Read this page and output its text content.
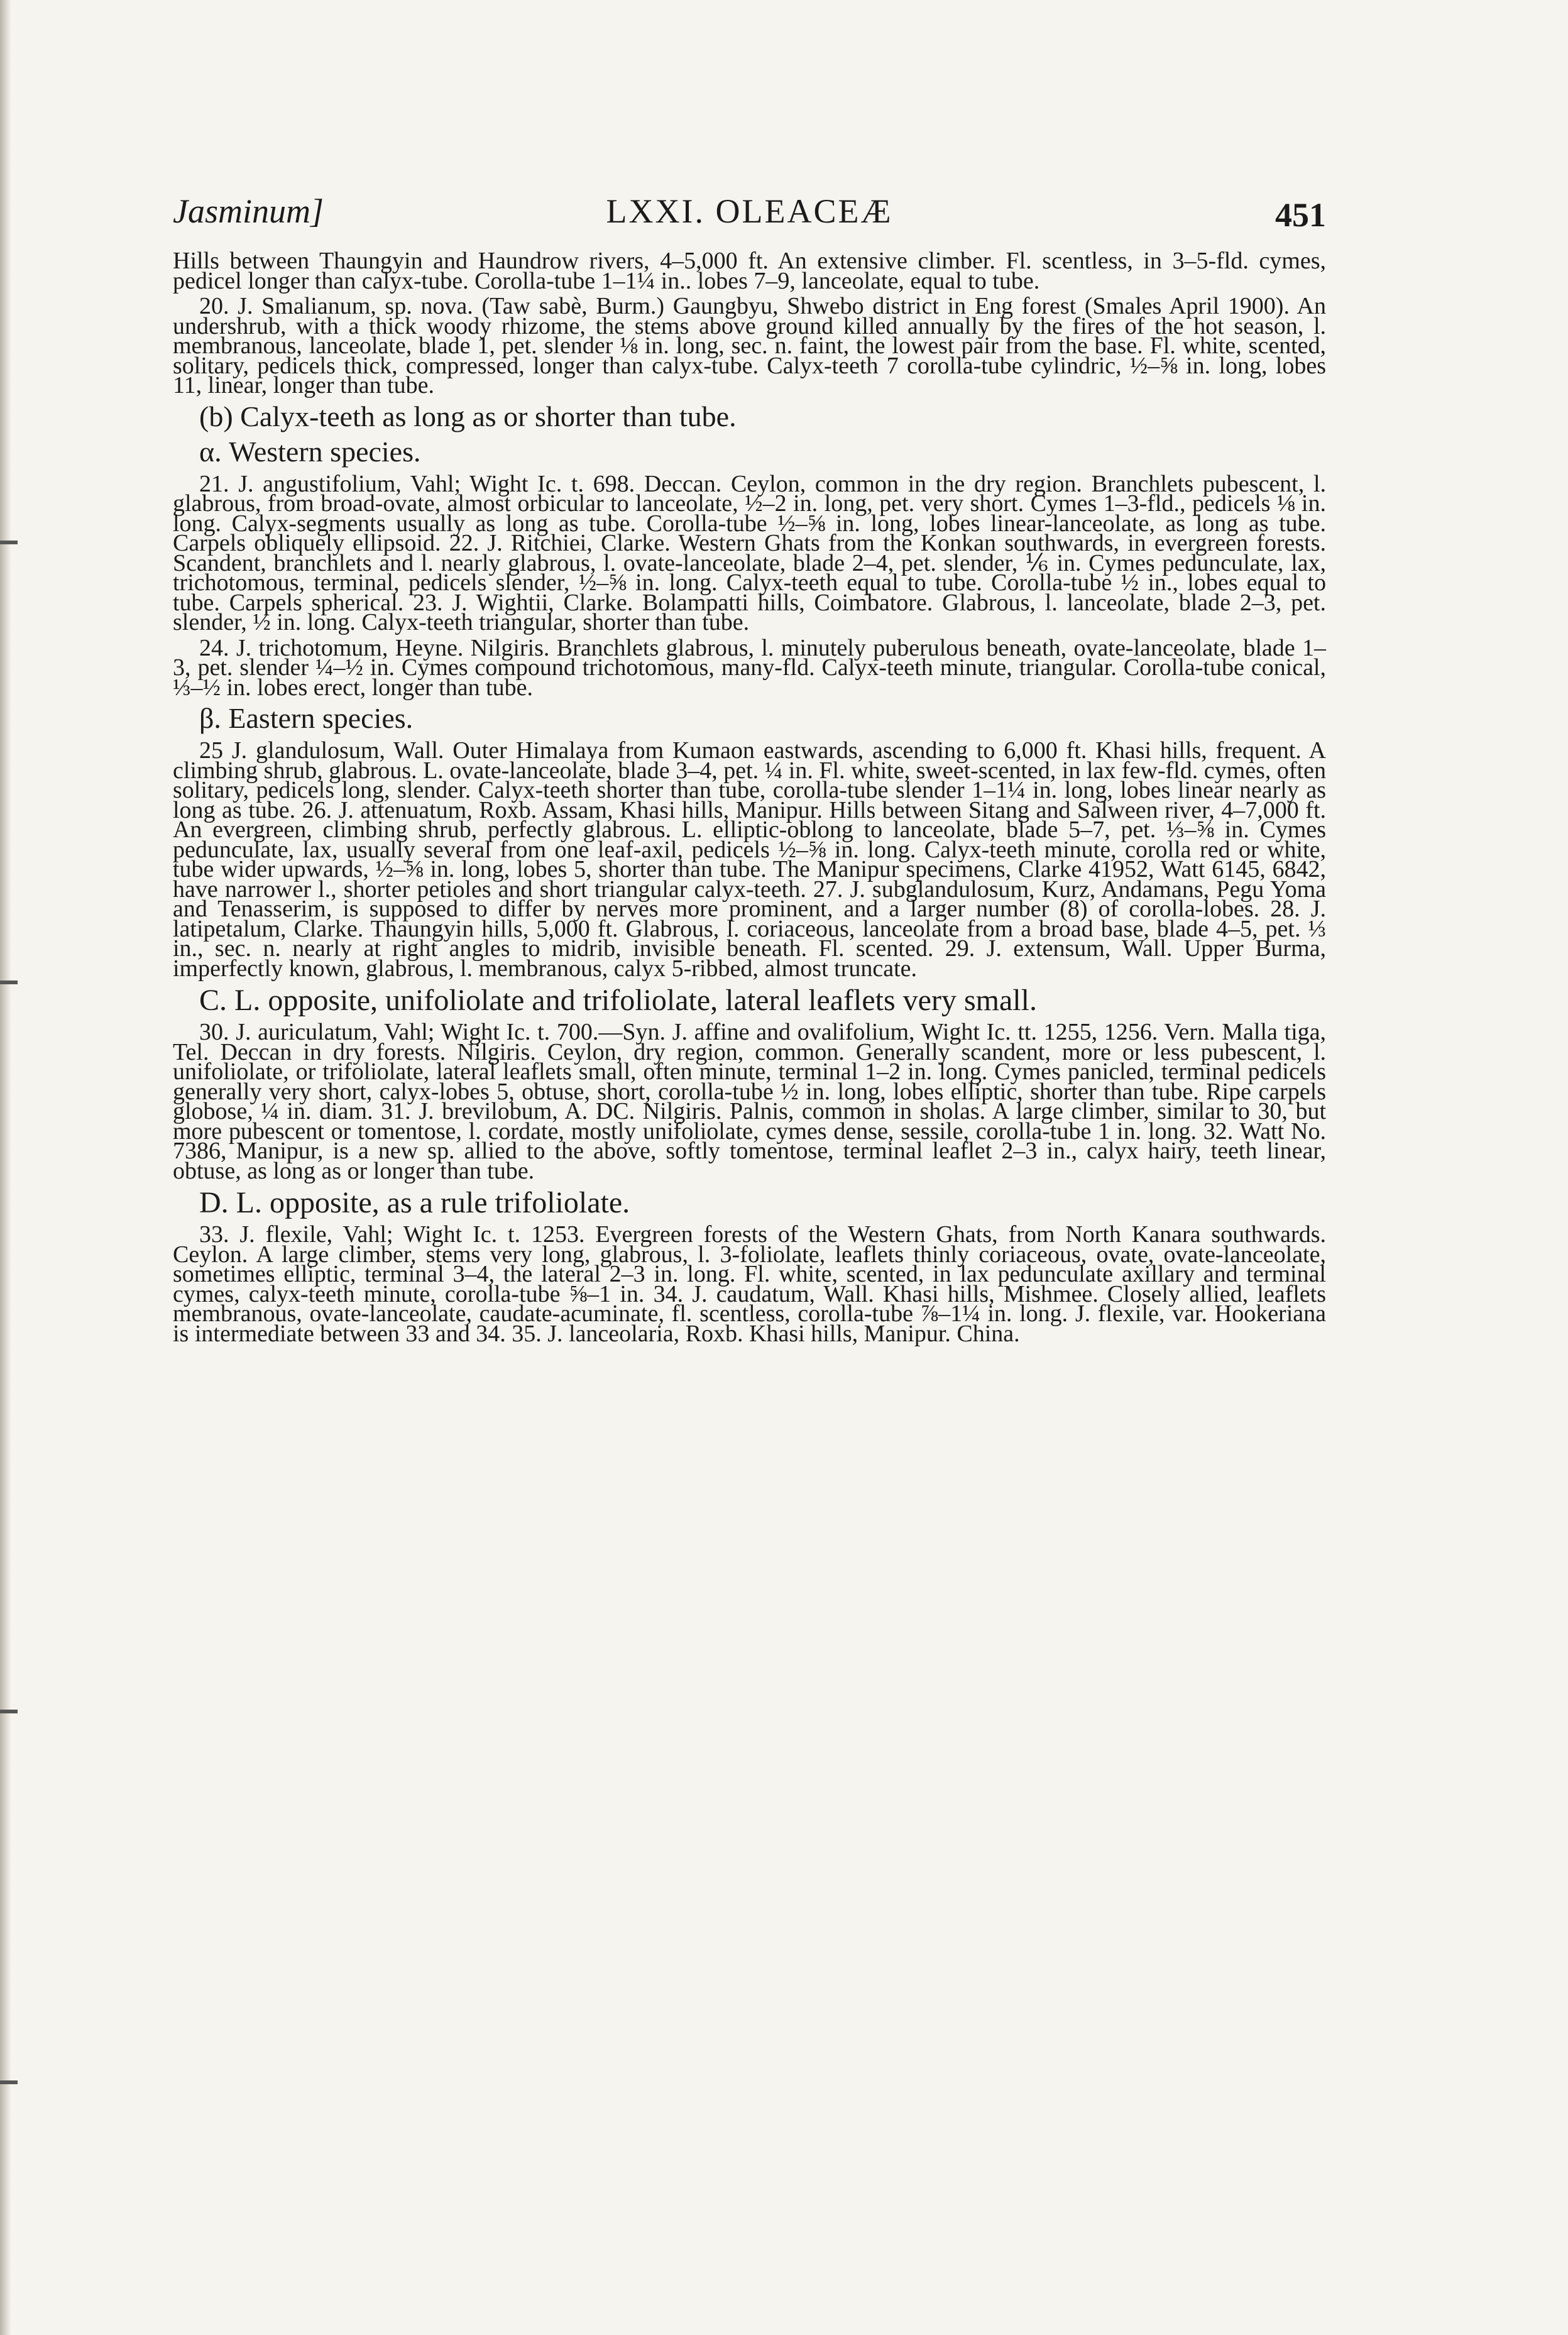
Jasminum]	LXXI. OLEACEÆ	451

Hills between Thaungyin and Haundrow rivers, 4–5,000 ft. An extensive climber. Fl. scentless, in 3–5-fld. cymes, pedicel longer than calyx-tube. Corolla-tube 1–1¼ in.. lobes 7–9, lanceolate, equal to tube.

20. J. Smalianum, sp. nova. (Taw sabè, Burm.) Gaungbyu, Shwebo district in Eng forest (Smales April 1900). An undershrub, with a thick woody rhizome, the stems above ground killed annually by the fires of the hot season, l. membranous, lanceolate, blade 1, pet. slender ⅛ in. long, sec. n. faint, the lowest pair from the base. Fl. white, scented, solitary, pedicels thick, compressed, longer than calyx-tube. Calyx-teeth 7 corolla-tube cylindric, ½–⅝ in. long, lobes 11, linear, longer than tube.

(b) Calyx-teeth as long as or shorter than tube.

α. Western species.

21. J. angustifolium, Vahl; Wight Ic. t. 698. Deccan. Ceylon, common in the dry region. Branchlets pubescent, l. glabrous, from broad-ovate, almost orbicular to lanceolate, ½–2 in. long, pet. very short. Cymes 1–3-fld., pedicels ⅛ in. long. Calyx-segments usually as long as tube. Corolla-tube ½–⅝ in. long, lobes linear-lanceolate, as long as tube. Carpels obliquely ellipsoid. 22. J. Ritchiei, Clarke. Western Ghats from the Konkan southwards, in evergreen forests. Scandent, branchlets and l. nearly glabrous, l. ovate-lanceolate, blade 2–4, pet. slender, ⅙ in. Cymes pedunculate, lax, trichotomous, terminal, pedicels slender, ½–⅝ in. long. Calyx-teeth equal to tube. Corolla-tube ½ in., lobes equal to tube. Carpels spherical. 23. J. Wightii, Clarke. Bolampatti hills, Coimbatore. Glabrous, l. lanceolate, blade 2–3, pet. slender, ½ in. long. Calyx-teeth triangular, shorter than tube.

24. J. trichotomum, Heyne. Nilgiris. Branchlets glabrous, l. minutely puberulous beneath, ovate-lanceolate, blade 1–3, pet. slender ¼–½ in. Cymes compound trichotomous, many-fld. Calyx-teeth minute, triangular. Corolla-tube conical, ⅓–½ in. lobes erect, longer than tube.

β. Eastern species.

25 J. glandulosum, Wall. Outer Himalaya from Kumaon eastwards, ascending to 6,000 ft. Khasi hills, frequent. A climbing shrub, glabrous. L. ovate-lanceolate, blade 3–4, pet. ¼ in. Fl. white, sweet-scented, in lax few-fld. cymes, often solitary, pedicels long, slender. Calyx-teeth shorter than tube, corolla-tube slender 1–1¼ in. long, lobes linear nearly as long as tube. 26. J. attenuatum, Roxb. Assam, Khasi hills, Manipur. Hills between Sitang and Salween river, 4–7,000 ft. An evergreen, climbing shrub, perfectly glabrous. L. elliptic-oblong to lanceolate, blade 5–7, pet. ⅓–⅝ in. Cymes pedunculate, lax, usually several from one leaf-axil, pedicels ½–⅝ in. long. Calyx-teeth minute, corolla red or white, tube wider upwards, ½–⅝ in. long, lobes 5, shorter than tube. The Manipur specimens, Clarke 41952, Watt 6145, 6842, have narrower l., shorter petioles and short triangular calyx-teeth. 27. J. subglandulosum, Kurz, Andamans, Pegu Yoma and Tenasserim, is supposed to differ by nerves more prominent, and a larger number (8) of corolla-lobes. 28. J. latipetalum, Clarke. Thaungyin hills, 5,000 ft. Glabrous, l. coriaceous, lanceolate from a broad base, blade 4–5, pet. ⅓ in., sec. n. nearly at right angles to midrib, invisible beneath. Fl. scented. 29. J. extensum, Wall. Upper Burma, imperfectly known, glabrous, l. membranous, calyx 5-ribbed, almost truncate.

C. L. opposite, unifoliolate and trifoliolate, lateral leaflets very small.

30. J. auriculatum, Vahl; Wight Ic. t. 700.—Syn. J. affine and ovalifolium, Wight Ic. tt. 1255, 1256. Vern. Malla tiga, Tel. Deccan in dry forests. Nilgiris. Ceylon, dry region, common. Generally scandent, more or less pubescent, l. unifoliolate, or trifoliolate, lateral leaflets small, often minute, terminal 1–2 in. long. Cymes panicled, terminal pedicels generally very short, calyx-lobes 5, obtuse, short, corolla-tube ½ in. long, lobes elliptic, shorter than tube. Ripe carpels globose, ¼ in. diam. 31. J. brevilobum, A. DC. Nilgiris. Palnis, common in sholas. A large climber, similar to 30, but more pubescent or tomentose, l. cordate, mostly unifoliolate, cymes dense, sessile, corolla-tube 1 in. long. 32. Watt No. 7386, Manipur, is a new sp. allied to the above, softly tomentose, terminal leaflet 2–3 in., calyx hairy, teeth linear, obtuse, as long as or longer than tube.

D. L. opposite, as a rule trifoliolate.

33. J. flexile, Vahl; Wight Ic. t. 1253. Evergreen forests of the Western Ghats, from North Kanara southwards. Ceylon. A large climber, stems very long, glabrous, l. 3-foliolate, leaflets thinly coriaceous, ovate, ovate-lanceolate, sometimes elliptic, terminal 3–4, the lateral 2–3 in. long. Fl. white, scented, in lax pedunculate axillary and terminal cymes, calyx-teeth minute, corolla-tube ⅝–1 in. 34. J. caudatum, Wall. Khasi hills, Mishmee. Closely allied, leaflets membranous, ovate-lanceolate, caudate-acuminate, fl. scentless, corolla-tube ⅞–1¼ in. long. J. flexile, var. Hookeriana is intermediate between 33 and 34. 35. J. lanceolaria, Roxb. Khasi hills, Manipur. China.
